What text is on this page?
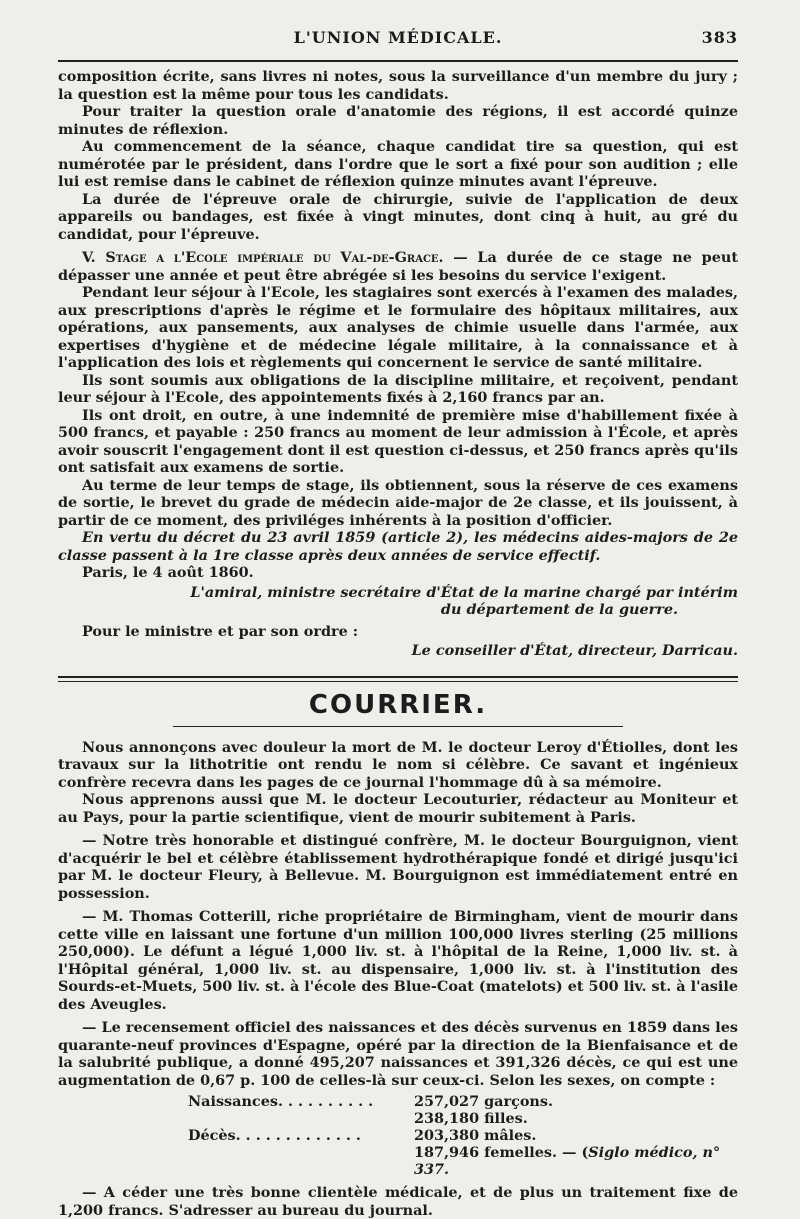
L'UNION MÉDICALE.	383

composition écrite, sans livres ni notes, sous la surveillance d'un membre du jury ; la question est la même pour tous les candidats.

Pour traiter la question orale d'anatomie des régions, il est accordé quinze minutes de réflexion.

Au commencement de la séance, chaque candidat tire sa question, qui est numérotée par le président, dans l'ordre que le sort a fixé pour son audition ; elle lui est remise dans le cabinet de réflexion quinze minutes avant l'épreuve.

La durée de l'épreuve orale de chirurgie, suivie de l'application de deux appareils ou bandages, est fixée à vingt minutes, dont cinq à huit, au gré du candidat, pour l'épreuve.

V. Stage a l'Ecole impériale du Val-de-Grace. — La durée de ce stage ne peut dépasser une année et peut être abrégée si les besoins du service l'exigent.

Pendant leur séjour à l'Ecole, les stagiaires sont exercés à l'examen des malades, aux prescriptions d'après le régime et le formulaire des hôpitaux militaires, aux opérations, aux pansements, aux analyses de chimie usuelle dans l'armée, aux expertises d'hygiène et de médecine légale militaire, à la connaissance et à l'application des lois et règlements qui concernent le service de santé militaire.

Ils sont soumis aux obligations de la discipline militaire, et reçoivent, pendant leur séjour à l'Ecole, des appointements fixés à 2,160 francs par an.

Ils ont droit, en outre, à une indemnité de première mise d'habillement fixée à 500 francs, et payable : 250 francs au moment de leur admission à l'École, et après avoir souscrit l'engagement dont il est question ci-dessus, et 250 francs après qu'ils ont satisfait aux examens de sortie.

Au terme de leur temps de stage, ils obtiennent, sous la réserve de ces examens de sortie, le brevet du grade de médecin aide-major de 2e classe, et ils jouissent, à partir de ce moment, des priviléges inhérents à la position d'officier.

En vertu du décret du 23 avril 1859 (article 2), les médecins aides-majors de 2e classe passent à la 1re classe après deux années de service effectif.

Paris, le 4 août 1860.

L'amiral, ministre secrétaire d'État de la marine chargé par intérim
du département de la guerre.

Pour le ministre et par son ordre :

Le conseiller d'État, directeur, Darricau.

COURRIER.

Nous annonçons avec douleur la mort de M. le docteur Leroy d'Étiolles, dont les travaux sur la lithotritie ont rendu le nom si célèbre. Ce savant et ingénieux confrère recevra dans les pages de ce journal l'hommage dû à sa mémoire.

Nous apprenons aussi que M. le docteur Lecouturier, rédacteur au Moniteur et au Pays, pour la partie scientifique, vient de mourir subitement à Paris.

— Notre très honorable et distingué confrère, M. le docteur Bourguignon, vient d'acquérir le bel et célèbre établissement hydrothérapique fondé et dirigé jusqu'ici par M. le docteur Fleury, à Bellevue. M. Bourguignon est immédiatement entré en possession.

— M. Thomas Cotterill, riche propriétaire de Birmingham, vient de mourir dans cette ville en laissant une fortune d'un million 100,000 livres sterling (25 millions 250,000). Le défunt a légué 1,000 liv. st. à l'hôpital de la Reine, 1,000 liv. st. à l'Hôpital général, 1,000 liv. st. au dispensaire, 1,000 liv. st. à l'institution des Sourds-et-Muets, 500 liv. st. à l'école des Blue-Coat (matelots) et 500 liv. st. à l'asile des Aveugles.

— Le recensement officiel des naissances et des décès survenus en 1859 dans les quarante-neuf provinces d'Espagne, opéré par la direction de la Bienfaisance et de la salubrité publique, a donné 495,207 naissances et 391,326 décès, ce qui est une augmentation de 0,67 p. 100 de celles-là sur ceux-ci. Selon les sexes, on compte :

Naissances. . . . . . . . . .	257,027 garçons.
238,180 filles.
Décès. . . . . . . . . . . . .	203,380 mâles.
187,946 femelles. — (Siglo médico, n° 337.

— A céder une très bonne clientèle médicale, et de plus un traitement fixe de 1,200 francs. S'adresser au bureau du journal.
